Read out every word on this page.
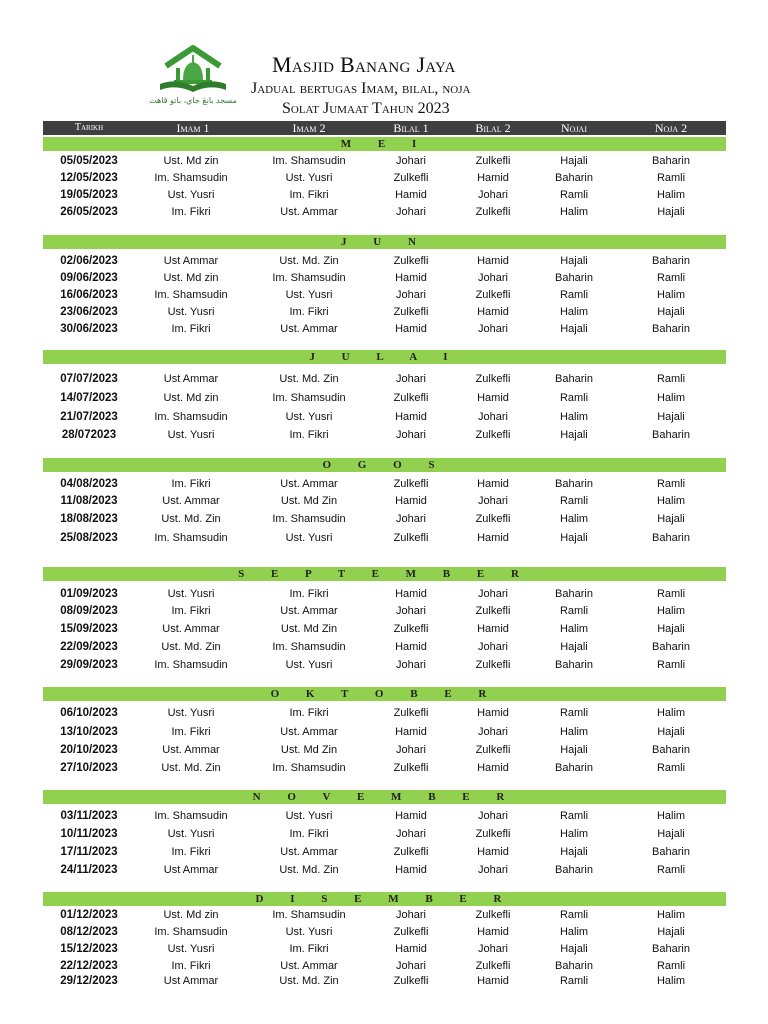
مسجد بانڠ جاي، باتو ڤاهت
Masjid Banang Jaya
Jadual bertugas Imam, bilal, noja
Solat Jumaat Tahun 2023
Tarikh	Imam 1	Imam 2	Bilal 1	Bilal 2	Nojai	Noja 2
M E I
05/05/2023	Ust. Md zin	Im. Shamsudin	Johari	Zulkefli	Hajali	Baharin
12/05/2023	Im. Shamsudin	Ust. Yusri	Zulkefli	Hamid	Baharin	Ramli
19/05/2023	Ust. Yusri	Im. Fikri	Hamid	Johari	Ramli	Halim
26/05/2023	Im. Fikri	Ust. Ammar	Johari	Zulkefli	Halim	Hajali
J U N
02/06/2023	Ust Ammar	Ust. Md. Zin	Zulkefli	Hamid	Hajali	Baharin
09/06/2023	Ust. Md zin	Im. Shamsudin	Hamid	Johari	Baharin	Ramli
16/06/2023	Im. Shamsudin	Ust. Yusri	Johari	Zulkefli	Ramli	Halim
23/06/2023	Ust. Yusri	Im. Fikri	Zulkefli	Hamid	Halim	Hajali
30/06/2023	Im. Fikri	Ust. Ammar	Hamid	Johari	Hajali	Baharin
J U L A I
07/07/2023	Ust Ammar	Ust. Md. Zin	Johari	Zulkefli	Baharin	Ramli
14/07/2023	Ust. Md zin	Im. Shamsudin	Zulkefli	Hamid	Ramli	Halim
21/07/2023	Im. Shamsudin	Ust. Yusri	Hamid	Johari	Halim	Hajali
28/072023	Ust. Yusri	Im. Fikri	Johari	Zulkefli	Hajali	Baharin
O G O S
04/08/2023	Im. Fikri	Ust. Ammar	Zulkefli	Hamid	Baharin	Ramli
11/08/2023	Ust. Ammar	Ust. Md Zin	Hamid	Johari	Ramli	Halim
18/08/2023	Ust. Md. Zin	Im. Shamsudin	Johari	Zulkefli	Halim	Hajali
25/08/2023	Im. Shamsudin	Ust. Yusri	Zulkefli	Hamid	Hajali	Baharin
S E P T E M B E R
01/09/2023	Ust. Yusri	Im. Fikri	Hamid	Johari	Baharin	Ramli
08/09/2023	Im. Fikri	Ust. Ammar	Johari	Zulkefli	Ramli	Halim
15/09/2023	Ust. Ammar	Ust. Md Zin	Zulkefli	Hamid	Halim	Hajali
22/09/2023	Ust. Md. Zin	Im. Shamsudin	Hamid	Johari	Hajali	Baharin
29/09/2023	Im. Shamsudin	Ust. Yusri	Johari	Zulkefli	Baharin	Ramli
O K T O B E R
06/10/2023	Ust. Yusri	Im. Fikri	Zulkefli	Hamid	Ramli	Halim
13/10/2023	Im. Fikri	Ust. Ammar	Hamid	Johari	Halim	Hajali
20/10/2023	Ust. Ammar	Ust. Md Zin	Johari	Zulkefli	Hajali	Baharin
27/10/2023	Ust. Md. Zin	Im. Shamsudin	Zulkefli	Hamid	Baharin	Ramli
N O V E M B E R
03/11/2023	Im. Shamsudin	Ust. Yusri	Hamid	Johari	Ramli	Halim
10/11/2023	Ust. Yusri	Im. Fikri	Johari	Zulkefli	Halim	Hajali
17/11/2023	Im. Fikri	Ust. Ammar	Zulkefli	Hamid	Hajali	Baharin
24/11/2023	Ust Ammar	Ust. Md. Zin	Hamid	Johari	Baharin	Ramli
D I S E M B E R
01/12/2023	Ust. Md zin	Im. Shamsudin	Johari	Zulkefli	Ramli	Halim
08/12/2023	Im. Shamsudin	Ust. Yusri	Zulkefli	Hamid	Halim	Hajali
15/12/2023	Ust. Yusri	Im. Fikri	Hamid	Johari	Hajali	Baharin
22/12/2023	Im. Fikri	Ust. Ammar	Johari	Zulkefli	Baharin	Ramli
29/12/2023	Ust Ammar	Ust. Md. Zin	Zulkefli	Hamid	Ramli	Halim
